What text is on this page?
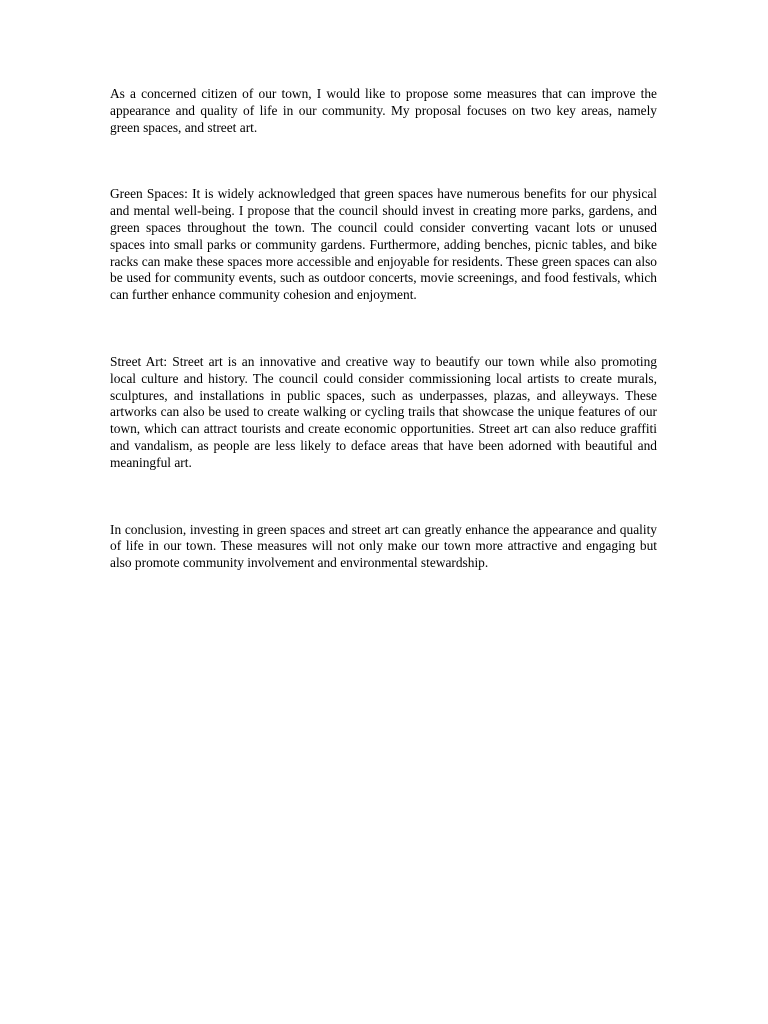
As a concerned citizen of our town, I would like to propose some measures that can improve the appearance and quality of life in our community. My proposal focuses on two key areas, namely green spaces, and street art.

Green Spaces: It is widely acknowledged that green spaces have numerous benefits for our physical and mental well-being. I propose that the council should invest in creating more parks, gardens, and green spaces throughout the town. The council could consider converting vacant lots or unused spaces into small parks or community gardens. Furthermore, adding benches, picnic tables, and bike racks can make these spaces more accessible and enjoyable for residents. These green spaces can also be used for community events, such as outdoor concerts, movie screenings, and food festivals, which can further enhance community cohesion and enjoyment.

Street Art: Street art is an innovative and creative way to beautify our town while also promoting local culture and history. The council could consider commissioning local artists to create murals, sculptures, and installations in public spaces, such as underpasses, plazas, and alleyways. These artworks can also be used to create walking or cycling trails that showcase the unique features of our town, which can attract tourists and create economic opportunities. Street art can also reduce graffiti and vandalism, as people are less likely to deface areas that have been adorned with beautiful and meaningful art.

In conclusion, investing in green spaces and street art can greatly enhance the appearance and quality of life in our town. These measures will not only make our town more attractive and engaging but also promote community involvement and environmental stewardship.
